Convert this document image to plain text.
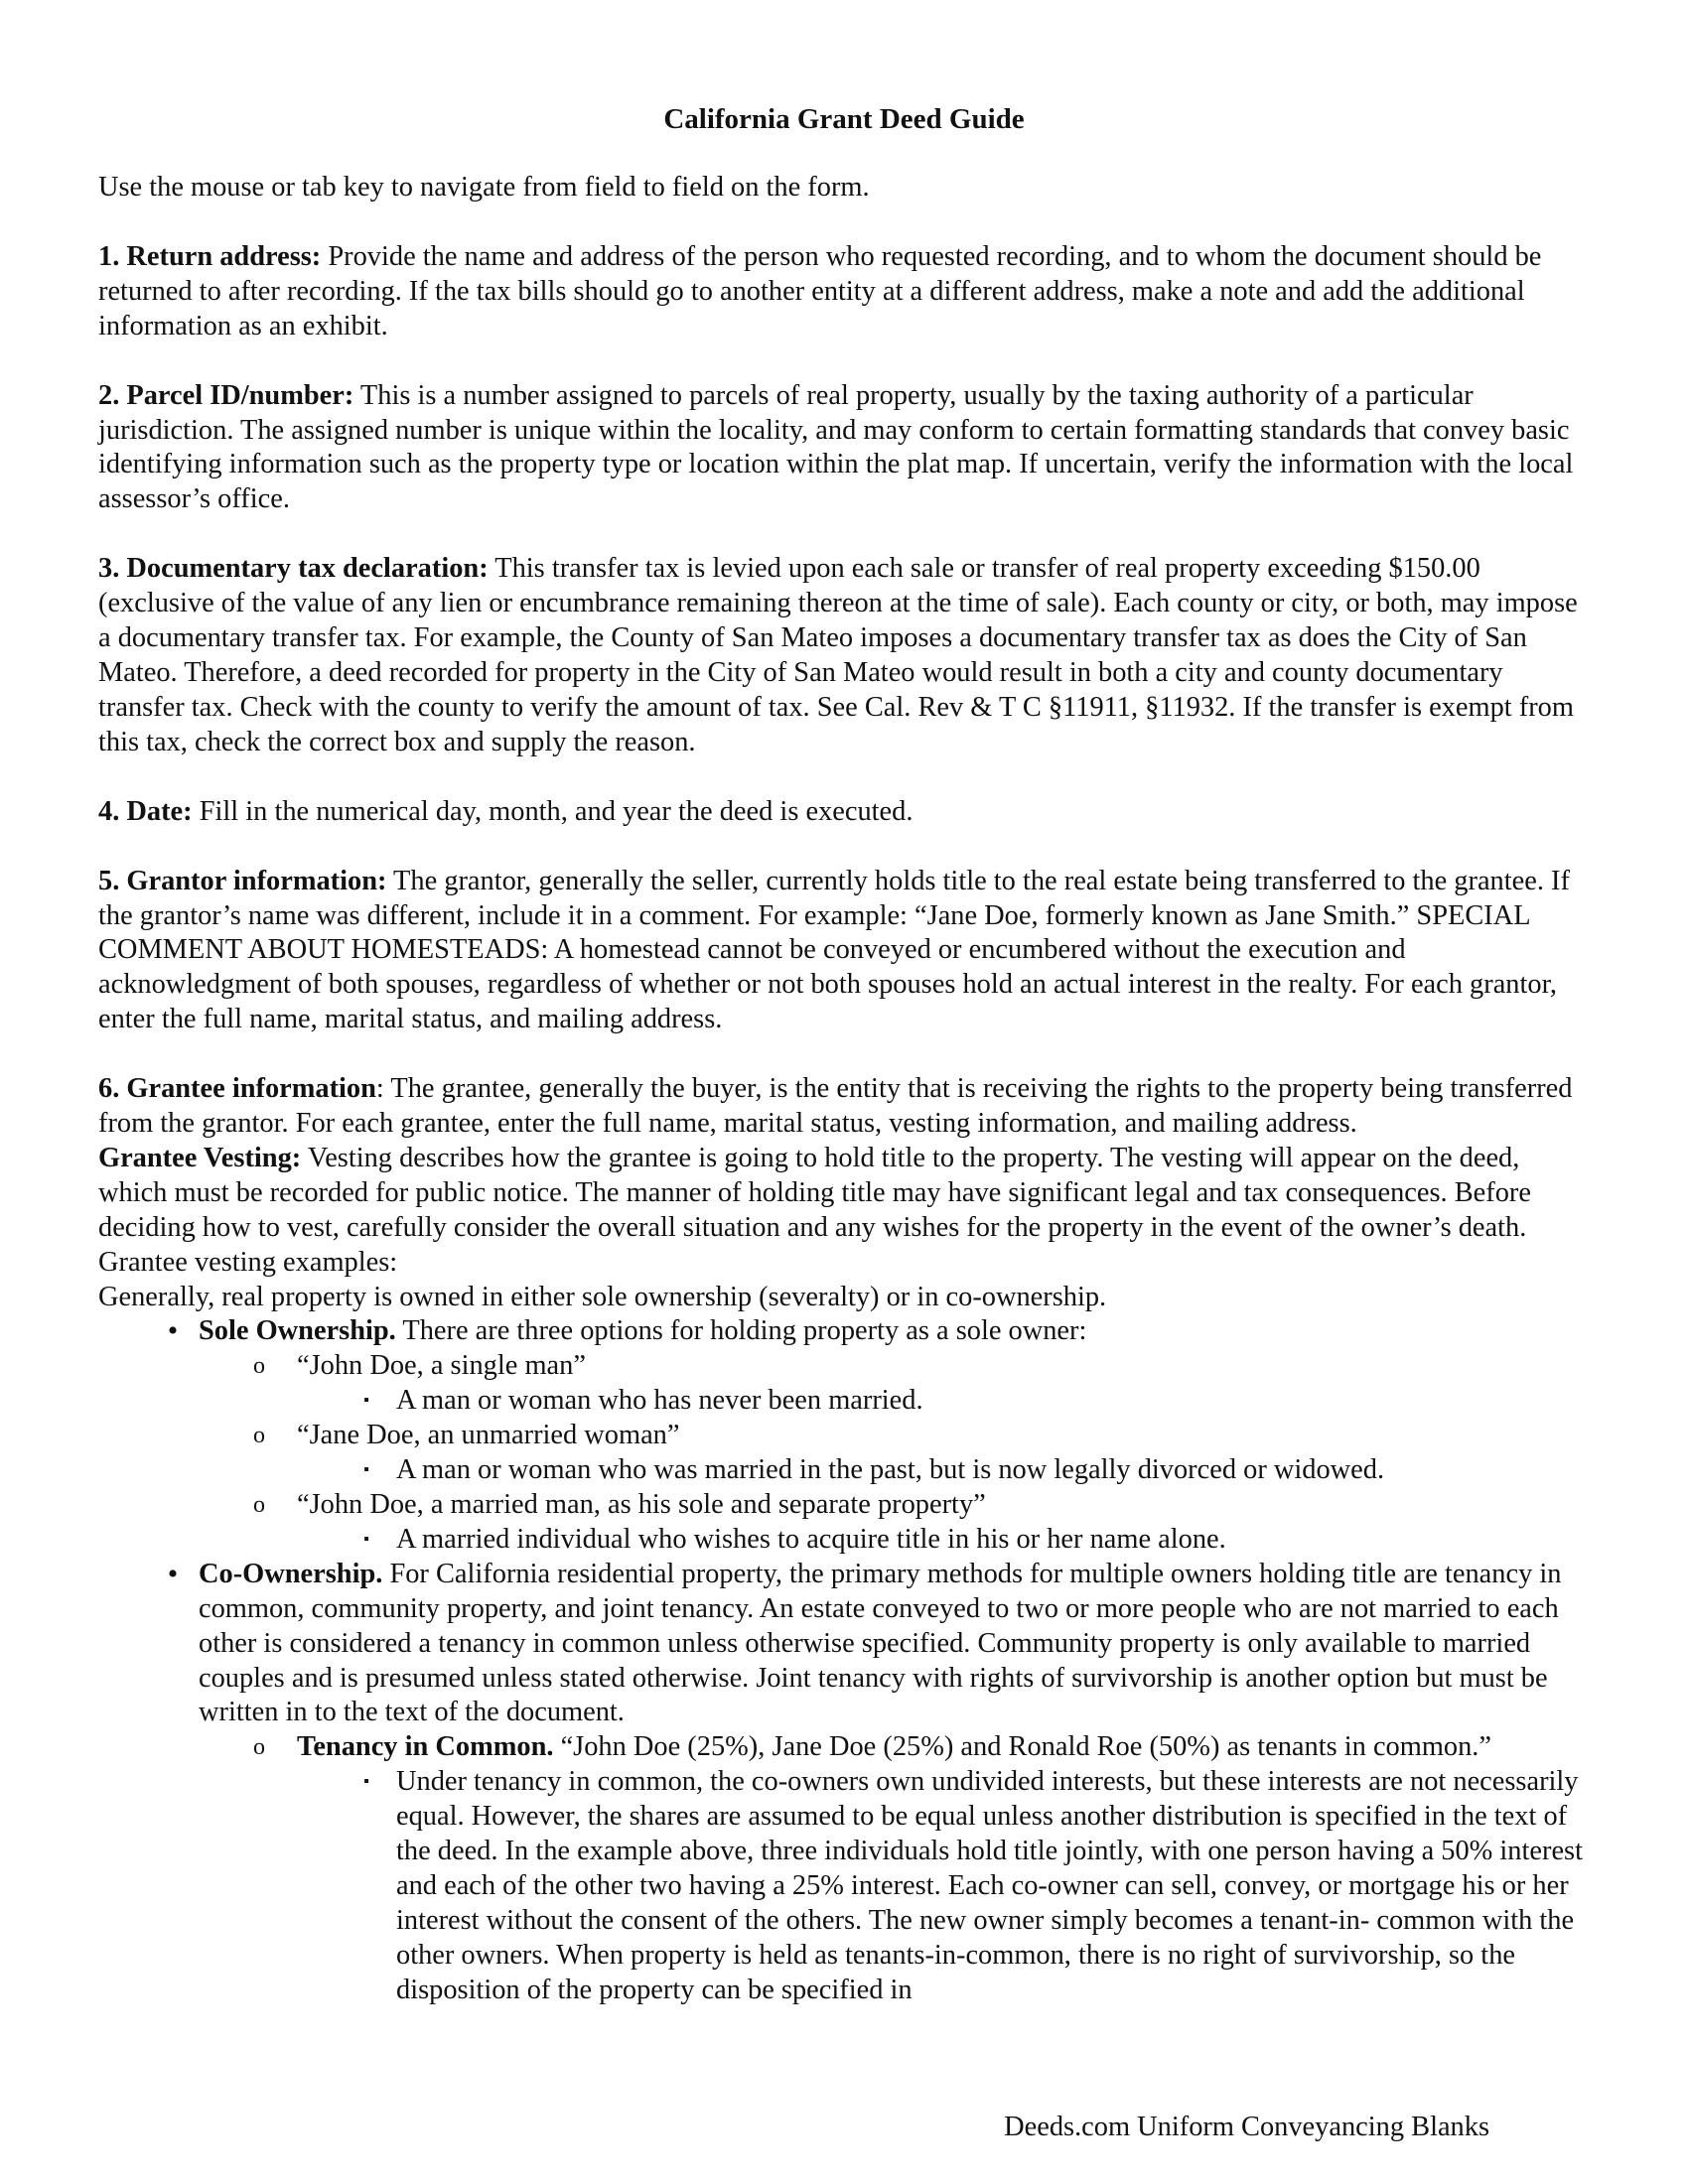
California Grant Deed Guide

Use the mouse or tab key to navigate from field to field on the form.

1. Return address: Provide the name and address of the person who requested recording, and to whom the document should be returned to after recording. If the tax bills should go to another entity at a different address, make a note and add the additional information as an exhibit.

2. Parcel ID/number: This is a number assigned to parcels of real property, usually by the taxing authority of a particular jurisdiction. The assigned number is unique within the locality, and may conform to certain formatting standards that convey basic identifying information such as the property type or location within the plat map. If uncertain, verify the information with the local assessor’s office.

3. Documentary tax declaration: This transfer tax is levied upon each sale or transfer of real property exceeding $150.00 (exclusive of the value of any lien or encumbrance remaining thereon at the time of sale). Each county or city, or both, may impose a documentary transfer tax. For example, the County of San Mateo imposes a documentary transfer tax as does the City of San Mateo. Therefore, a deed recorded for property in the City of San Mateo would result in both a city and county documentary transfer tax. Check with the county to verify the amount of tax. See Cal. Rev & T C §11911, §11932. If the transfer is exempt from this tax, check the correct box and supply the reason.

4. Date: Fill in the numerical day, month, and year the deed is executed.

5. Grantor information: The grantor, generally the seller, currently holds title to the real estate being transferred to the grantee. If the grantor’s name was different, include it in a comment. For example: “Jane Doe, formerly known as Jane Smith.” SPECIAL COMMENT ABOUT HOMESTEADS: A homestead cannot be conveyed or encumbered without the execution and acknowledgment of both spouses, regardless of whether or not both spouses hold an actual interest in the realty. For each grantor, enter the full name, marital status, and mailing address.

6. Grantee information: The grantee, generally the buyer, is the entity that is receiving the rights to the property being transferred from the grantor. For each grantee, enter the full name, marital status, vesting information, and mailing address.

Grantee Vesting: Vesting describes how the grantee is going to hold title to the property. The vesting will appear on the deed, which must be recorded for public notice. The manner of holding title may have significant legal and tax consequences. Before deciding how to vest, carefully consider the overall situation and any wishes for the property in the event of the owner’s death. Grantee vesting examples:

Generally, real property is owned in either sole ownership (severalty) or in co-ownership.

• Sole Ownership. There are three options for holding property as a sole owner:
o “John Doe, a single man”
▪ A man or woman who has never been married.
o “Jane Doe, an unmarried woman”
▪ A man or woman who was married in the past, but is now legally divorced or widowed.
o “John Doe, a married man, as his sole and separate property”
▪ A married individual who wishes to acquire title in his or her name alone.
• Co-Ownership. For California residential property, the primary methods for multiple owners holding title are tenancy in common, community property, and joint tenancy. An estate conveyed to two or more people who are not married to each other is considered a tenancy in common unless otherwise specified. Community property is only available to married couples and is presumed unless stated otherwise. Joint tenancy with rights of survivorship is another option but must be written in to the text of the document.
o Tenancy in Common. “John Doe (25%), Jane Doe (25%) and Ronald Roe (50%) as tenants in common.”
▪ Under tenancy in common, the co-owners own undivided interests, but these interests are not necessarily equal. However, the shares are assumed to be equal unless another distribution is specified in the text of the deed. In the example above, three individuals hold title jointly, with one person having a 50% interest and each of the other two having a 25% interest. Each co-owner can sell, convey, or mortgage his or her interest without the consent of the others. The new owner simply becomes a tenant-in- common with the other owners. When property is held as tenants-in-common, there is no right of survivorship, so the disposition of the property can be specified in
Deeds.com Uniform Conveyancing Blanks
